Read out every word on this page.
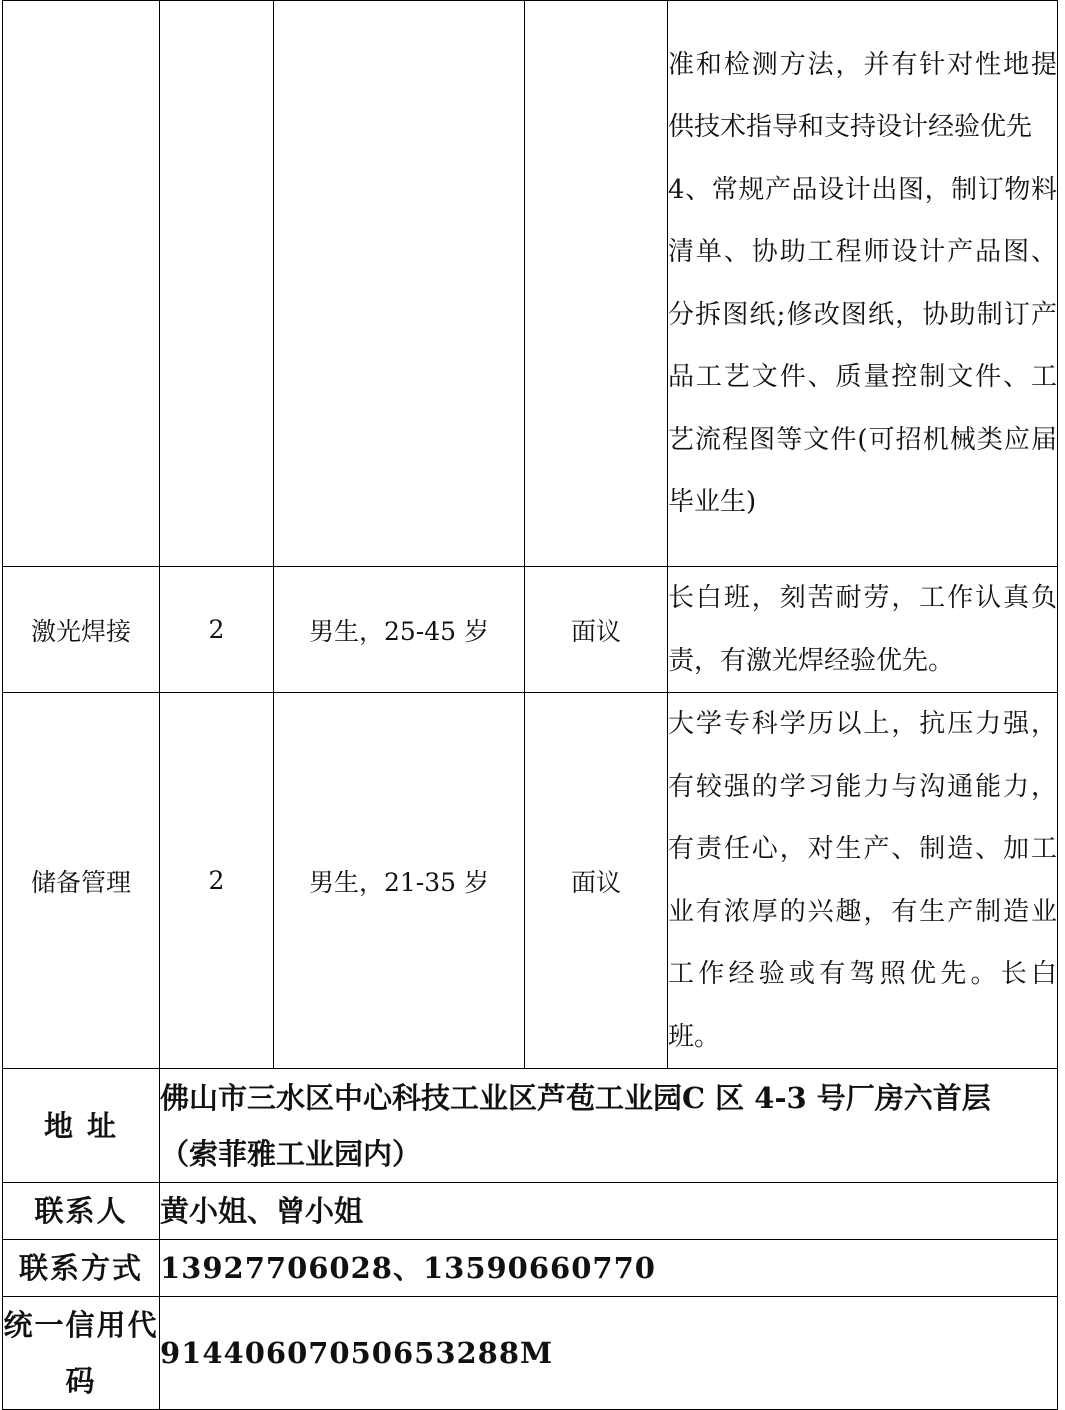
				准和检测方法，并有针对性地提供技术指导和支持设计经验优先
4、常规产品设计出图，制订物料清单、协助工程师设计产品图、分拆图纸;修改图纸，协助制订产品工艺文件、质量控制文件、工艺流程图等文件(可招机械类应届毕业生)

激光焊接	2	男生，25-45 岁	面议	长白班，刻苦耐劳，工作认真负责，有激光焊经验优先。
储备管理	2	男生，21-35 岁	面议	大学专科学历以上，抗压力强，有较强的学习能力与沟通能力，有责任心，对生产、制造、加工业有浓厚的兴趣，有生产制造业工作经验或有驾照优先。长白班。
地 址	佛山市三水区中心科技工业区芦苞工业园C 区 4-3 号厂房六首层 （索菲雅工业园内）			
联系人	黄小姐、曾小姐			
联系方式	13927706028、13590660770			
统一信用代码	91440607050653288M			
